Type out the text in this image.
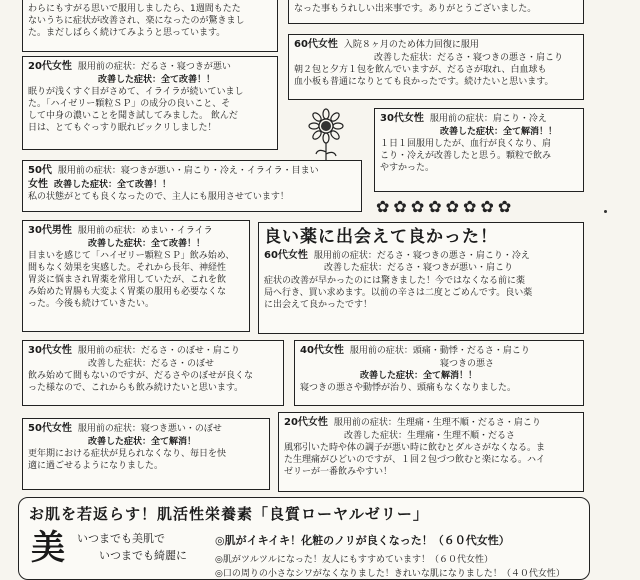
わらにもすがる思いで服用しましたら、1週間もたた
ないうちに症状が改善され、楽になったのが驚きまし
た。まだしばらく続けてみようと思っています。
なった事もうれしい出来事です。ありがとうございました。
20代女性 服用前の症状：だるさ・寝つきが悪い
改善した症状：全て改善！！
眠りが浅くすぐ目がさめて、イライラが続いていまし
た。「ハイゼリー顆粒ＳＰ」の成分の良いこと、そ
して中身の濃いことを聞き試してみました。 飲んだ
日は、とてもぐっすり眠れビックリしました！
60代女性 入院８ヶ月のため体力回復に服用
改善した症状：だるさ・寝つきの悪さ・肩こり
朝２包と夕方１包を飲んでいますが、だるさが取れ、白血球も
血小板も普通になりとても良かったです。続けたいと思います。
30代女性 服用前の症状：肩こり・冷え
改善した症状：全て解消！！
１日１回服用したが、血行が良くなり、肩
こり・冷えが改善したと思う。顆粒で飲み
やすかった。
✿ ✿ ✿ ✿ ✿ ✿ ✿ ✿
50代 服用前の症状：寝つきが悪い・肩こり・冷え・イライラ・目まい
女性 改善した症状：全て改善！！
私の状態がとても良くなったので、主人にも服用させています！
30代男性 服用前の症状：めまい・イライラ
改善した症状：全て改善！！
目まいを感じて「ハイゼリー顆粒ＳＰ」飲み始め、
間もなく効果を実感した。それから長年、神経性
胃炎に悩まされ胃薬を常用していたが、これを飲
み始めた胃腸も大変よく胃薬の服用も必要なくな
った。今後も続けていきたい。
良い薬に出会えて良かった！
60代女性 服用前の症状：だるさ・寝つきの悪さ・肩こり・冷え
改善した症状：だるさ・寝つきが悪い・肩こり
症状の改善が早かったのには驚きました！今ではなくなる前に薬
局へ行き、買い求めます。以前の辛さは二度とごめんです。良い薬
に出会えて良かったです！
30代女性 服用前の症状：だるさ・のぼせ・肩こり
改善した症状：だるさ・のぼせ
飲み始めて間もないのですが、だるさやのぼせが良くな
った様なので、これからも飲み続けたいと思います。
40代女性 服用前の症状：頭痛・動悸・だるさ・肩こり
寝つきの悪さ
改善した症状：全て解消！！
寝つきの悪さや動悸が治り、頭痛もなくなりました。
50代女性 服用前の症状：寝つき悪い・のぼせ
改善した症状：全て解消！
更年期における症状が見られなくなり、毎日を快
適に過ごせるようになりました。
20代女性 服用前の症状：生理痛・生理不順・だるさ・肩こり
改善した症状：生理痛・生理不順・だるさ
風邪引いた時や体の調子が悪い時に飲むとダルさがなくなる。ま
た生理痛がひどいのですが、１回２包づつ飲むと楽になる。ハイ
ゼリーが一番飲みやすい！
お肌を若返らす！肌活性栄養素「良質ローヤルゼリー」
美 いつまでも美肌で
いつまでも綺麗に
◎肌がイキイキ！化粧のノリが良くなった！（６０代女性）
◎肌がツルツルになった！友人にもすすめています！（６０代女性）
◎口の周りの小さなシワがなくなりました！きれいな肌になりました！（４０代女性）
